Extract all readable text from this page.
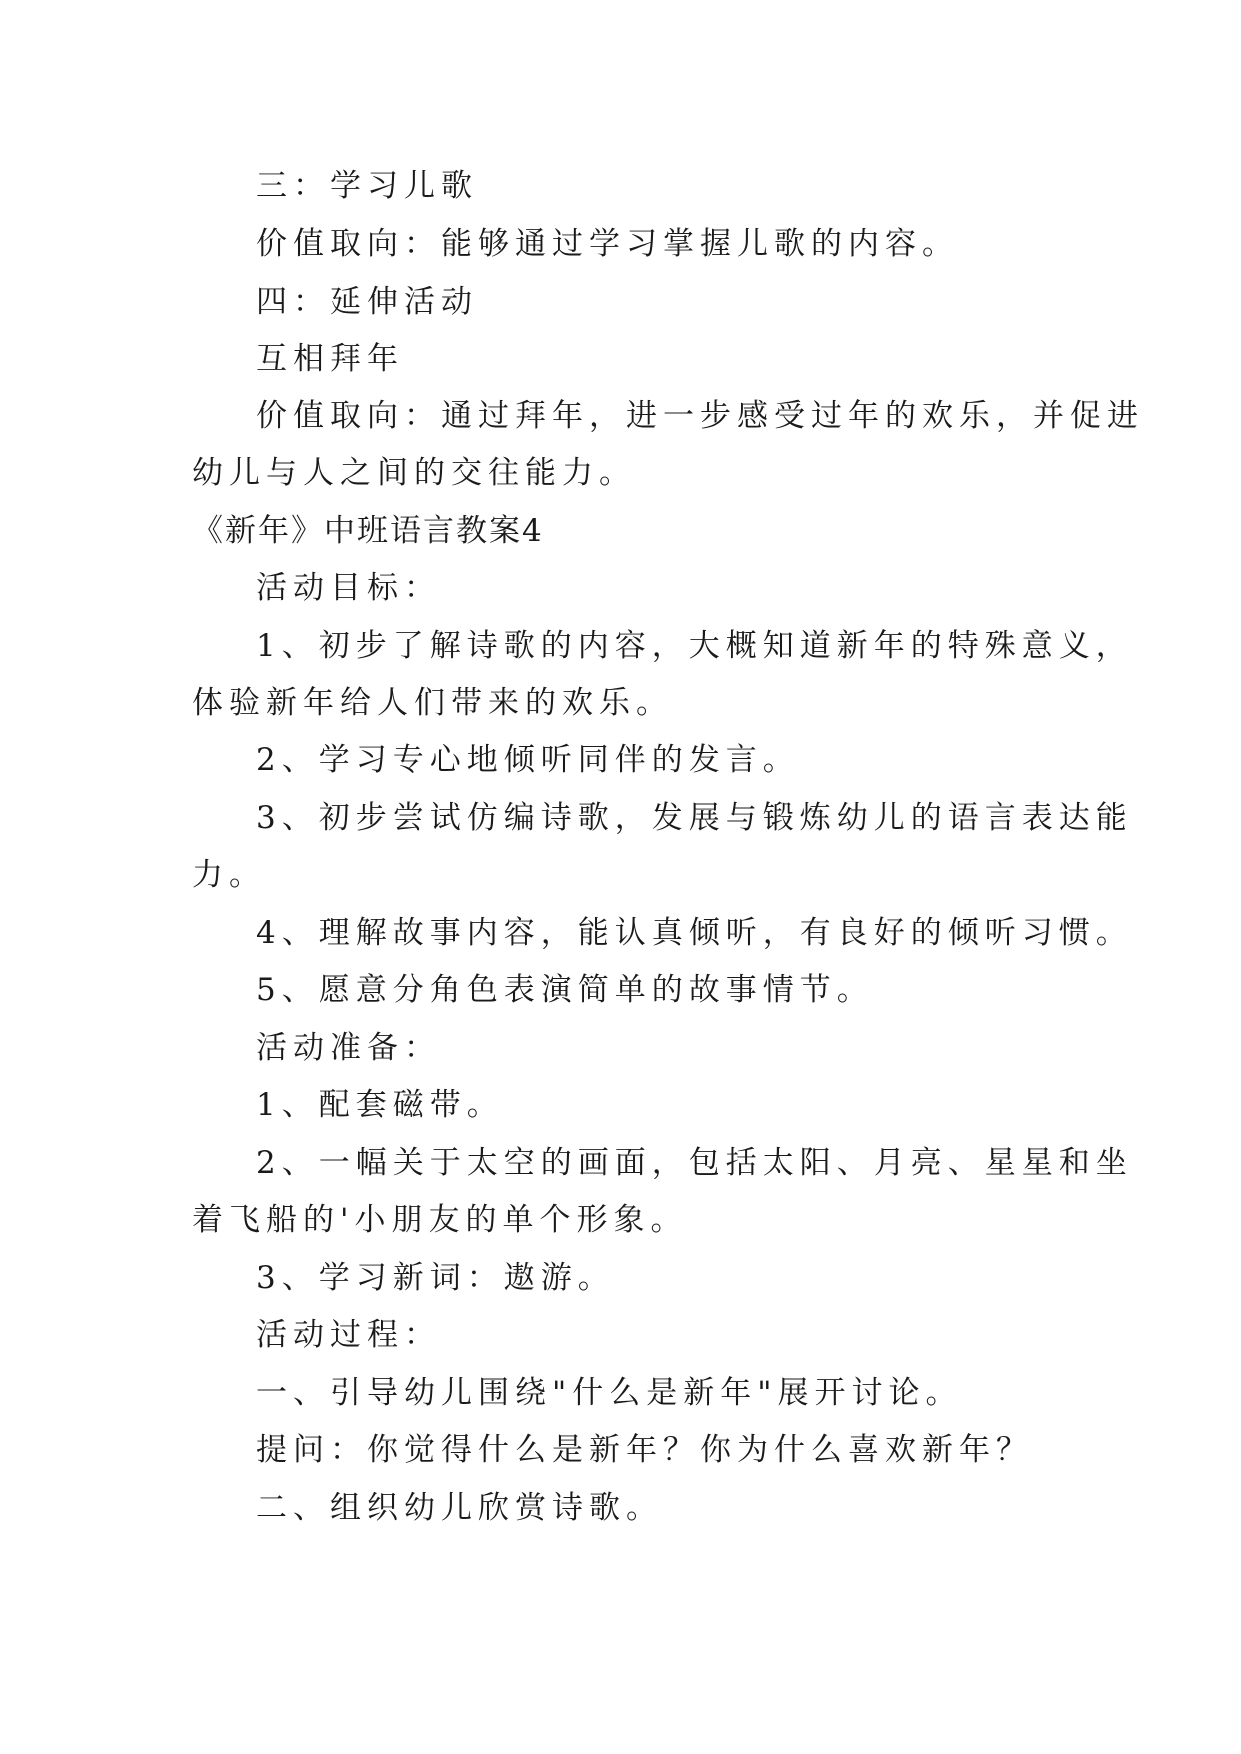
三：学习儿歌
价值取向：能够通过学习掌握儿歌的内容。
四：延伸活动
互相拜年
价值取向：通过拜年，进一步感受过年的欢乐，并促进
幼儿与人之间的交往能力。
《新年》中班语言教案4
活动目标：
1、初步了解诗歌的内容，大概知道新年的特殊意义，
体验新年给人们带来的欢乐。
2、学习专心地倾听同伴的发言。
3、初步尝试仿编诗歌，发展与锻炼幼儿的语言表达能
力。
4、理解故事内容，能认真倾听，有良好的倾听习惯。
5、愿意分角色表演简单的故事情节。
活动准备：
1、配套磁带。
2、一幅关于太空的画面，包括太阳、月亮、星星和坐
着飞船的'小朋友的单个形象。
3、学习新词：遨游。
活动过程：
一、引导幼儿围绕"什么是新年"展开讨论。
提问：你觉得什么是新年？你为什么喜欢新年？
二、组织幼儿欣赏诗歌。
